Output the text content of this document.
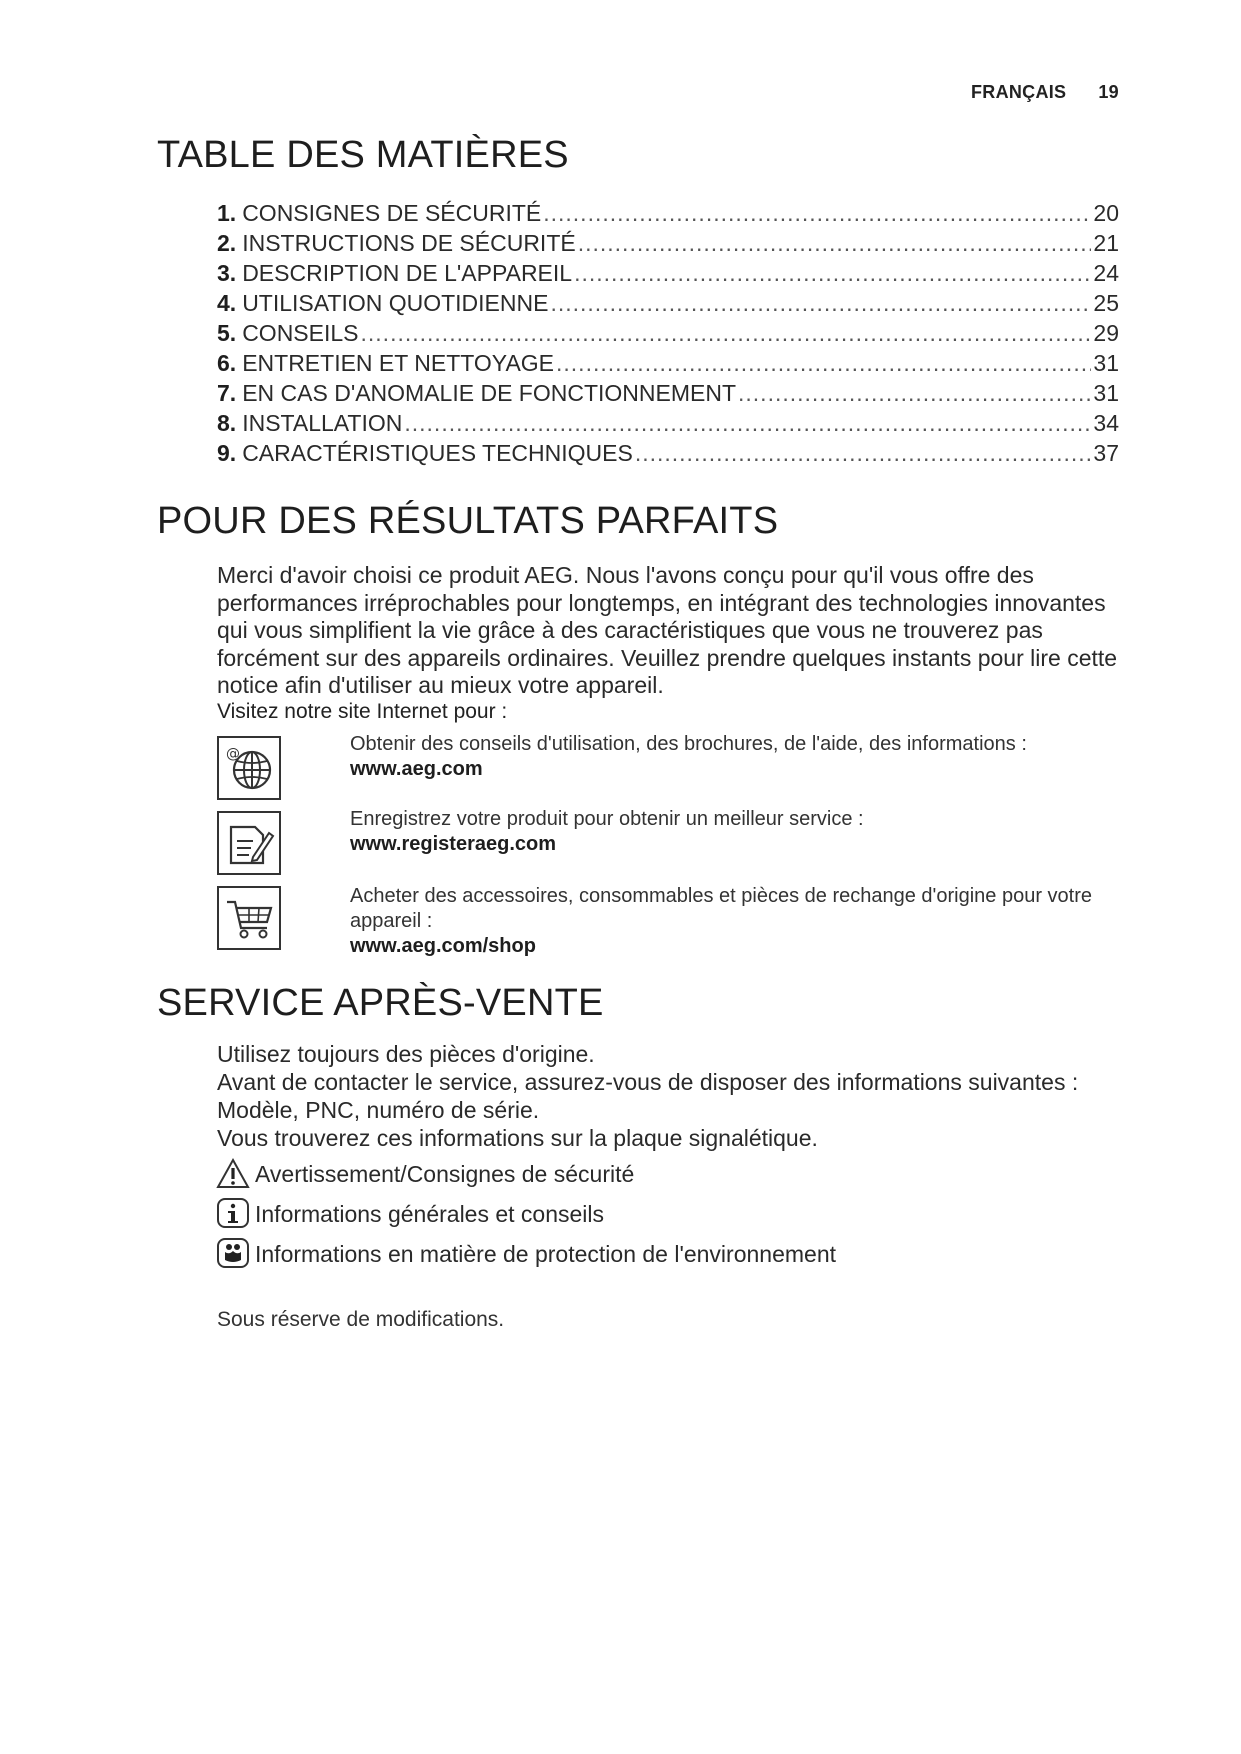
FRANÇAIS 19
TABLE DES MATIÈRES
1. CONSIGNES DE SÉCURITÉ .....	20
2. INSTRUCTIONS DE SÉCURITÉ .....	21
3. DESCRIPTION DE L'APPAREIL .....	24
4. UTILISATION QUOTIDIENNE .....	25
5. CONSEILS .....	29
6. ENTRETIEN ET NETTOYAGE .....	31
7. EN CAS D'ANOMALIE DE FONCTIONNEMENT .....	31
8. INSTALLATION .....	34
9. CARACTÉRISTIQUES TECHNIQUES .....	37
POUR DES RÉSULTATS PARFAITS

Merci d'avoir choisi ce produit AEG. Nous l'avons conçu pour qu'il vous offre des performances irréprochables pour longtemps, en intégrant des technologies innovantes qui vous simplifient la vie grâce à des caractéristiques que vous ne trouverez pas forcément sur des appareils ordinaires. Veuillez prendre quelques instants pour lire cette notice afin d'utiliser au mieux votre appareil.

Visitez notre site Internet pour :

@	Obtenir des conseils d'utilisation, des brochures, de l'aide, des informations :
www.aeg.com
Enregistrez votre produit pour obtenir un meilleur service :
www.registeraeg.com
Acheter des accessoires, consommables et pièces de rechange d'origine pour votre appareil :
www.aeg.com/shop
SERVICE APRÈS-VENTE
Utilisez toujours des pièces d'origine.
Avant de contacter le service, assurez-vous de disposer des informations suivantes : Modèle, PNC, numéro de série.
Vous trouverez ces informations sur la plaque signalétique.
Avertissement/Consignes de sécurité
Informations générales et conseils
Informations en matière de protection de l'environnement

Sous réserve de modifications.
